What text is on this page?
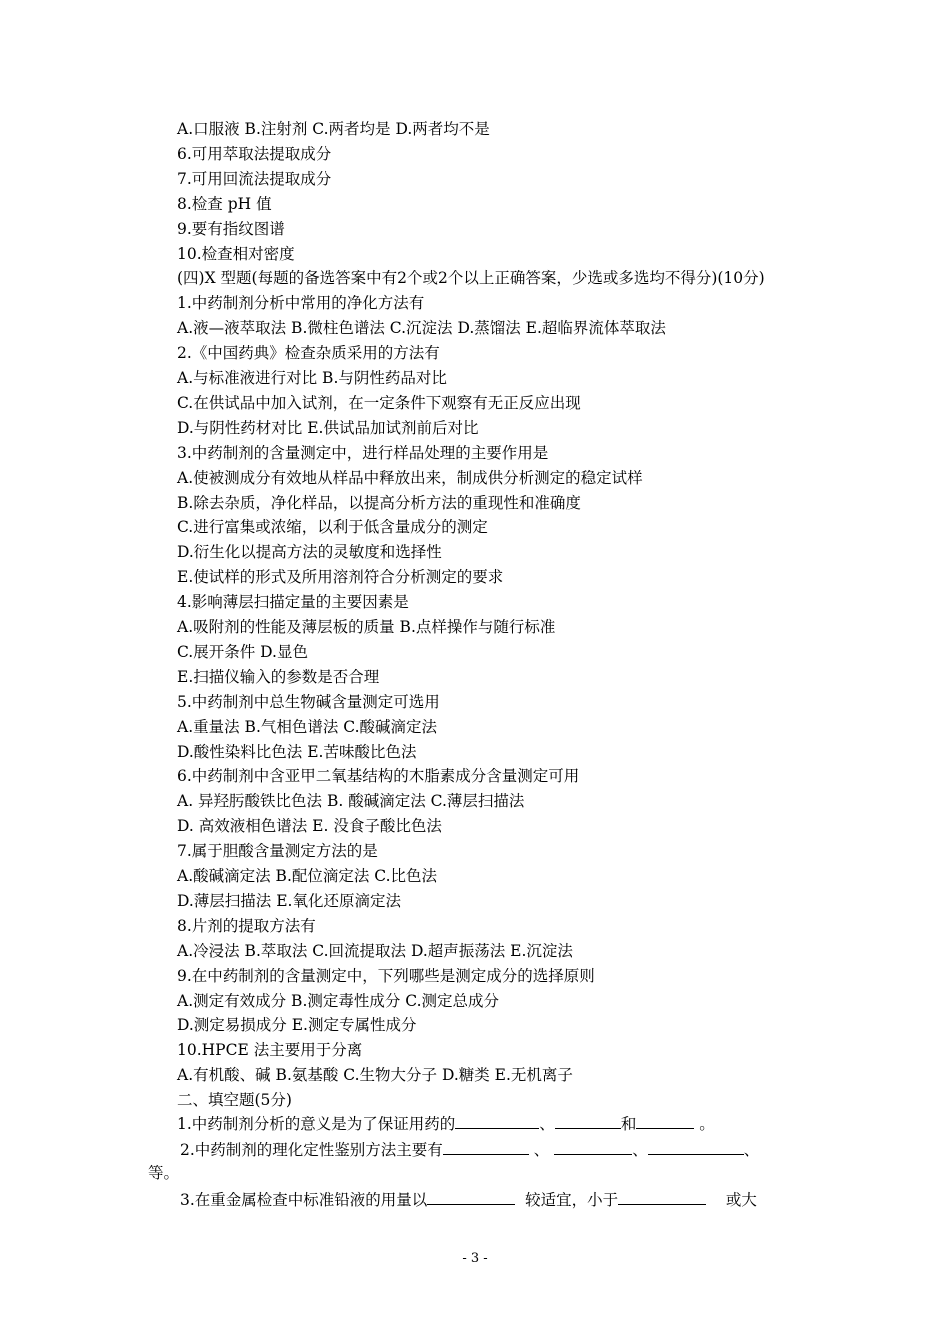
A.口服液 B.注射剂 C.两者均是 D.两者均不是
6.可用萃取法提取成分
7.可用回流法提取成分
8.检查 pH 值
9.要有指纹图谱
10.检查相对密度
(四)X 型题(每题的备选答案中有2个或2个以上正确答案，少选或多选均不得分)(10分)
1.中药制剂分析中常用的净化方法有
A.液—液萃取法 B.微柱色谱法 C.沉淀法 D.蒸馏法 E.超临界流体萃取法
2.《中国药典》检查杂质采用的方法有
A.与标准液进行对比 B.与阴性药品对比
C.在供试品中加入试剂，在一定条件下观察有无正反应出现
D.与阴性药材对比 E.供试品加试剂前后对比
3.中药制剂的含量测定中，进行样品处理的主要作用是
A.使被测成分有效地从样品中释放出来，制成供分析测定的稳定试样
B.除去杂质，净化样品，以提高分析方法的重现性和准确度
C.进行富集或浓缩，以利于低含量成分的测定
D.衍生化以提高方法的灵敏度和选择性
E.使试样的形式及所用溶剂符合分析测定的要求
4.影响薄层扫描定量的主要因素是
A.吸附剂的性能及薄层板的质量 B.点样操作与随行标准
C.展开条件 D.显色
E.扫描仪输入的参数是否合理
5.中药制剂中总生物碱含量测定可选用
A.重量法 B.气相色谱法 C.酸碱滴定法
D.酸性染料比色法 E.苦味酸比色法
6.中药制剂中含亚甲二氧基结构的木脂素成分含量测定可用
A. 异羟肟酸铁比色法 B. 酸碱滴定法 C.薄层扫描法
D. 高效液相色谱法 E. 没食子酸比色法
7.属于胆酸含量测定方法的是
A.酸碱滴定法 B.配位滴定法 C.比色法
D.薄层扫描法 E.氧化还原滴定法
8.片剂的提取方法有
A.冷浸法 B.萃取法 C.回流提取法 D.超声振荡法 E.沉淀法
9.在中药制剂的含量测定中，下列哪些是测定成分的选择原则
A.测定有效成分 B.测定毒性成分 C.测定总成分
D.测定易损成分 E.测定专属性成分
10.HPCE 法主要用于分离
A.有机酸、碱 B.氨基酸 C.生物大分子 D.糖类 E.无机离子
二、填空题(5分)
1.中药制剂分析的意义是为了保证用药的	、	和	。
2.中药制剂的理化定性鉴别方法主要有	、	、	、
等。
3.在重金属检查中标准铅液的用量以	较适宜，小于	或大
- 3 -
